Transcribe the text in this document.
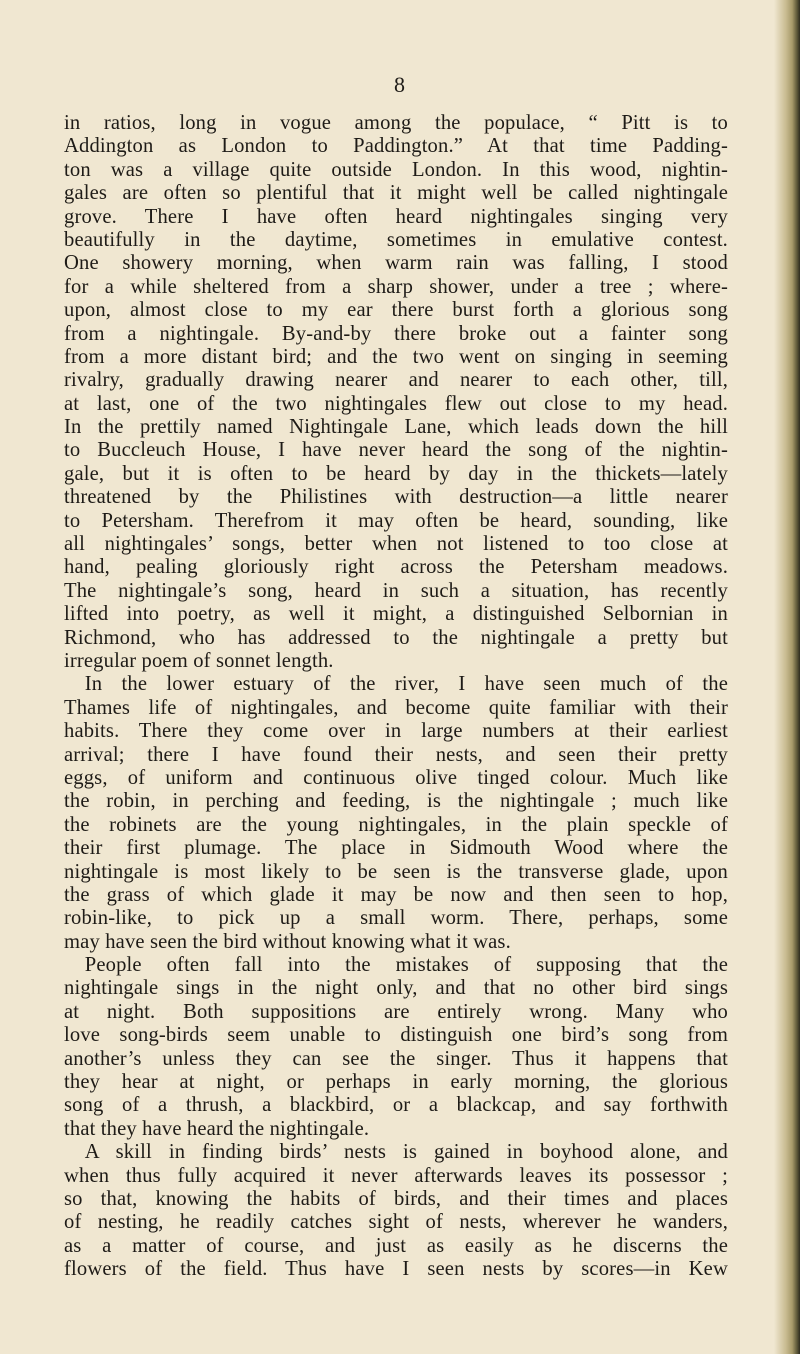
8
in ratios, long in vogue among the populace, “ Pitt is to
Addington as London to Paddington.” At that time Padding-
ton was a village quite outside London. In this wood, nightin-
gales are often so plentiful that it might well be called nightingale
grove. There I have often heard nightingales singing very
beautifully in the daytime, sometimes in emulative contest.
One showery morning, when warm rain was falling, I stood
for a while sheltered from a sharp shower, under a tree ; where-
upon, almost close to my ear there burst forth a glorious song
from a nightingale. By-and-by there broke out a fainter song
from a more distant bird; and the two went on singing in seeming
rivalry, gradually drawing nearer and nearer to each other, till,
at last, one of the two nightingales flew out close to my head.
In the prettily named Nightingale Lane, which leads down the hill
to Buccleuch House, I have never heard the song of the nightin-
gale, but it is often to be heard by day in the thickets—lately
threatened by the Philistines with destruction—a little nearer
to Petersham. Therefrom it may often be heard, sounding, like
all nightingales’ songs, better when not listened to too close at
hand, pealing gloriously right across the Petersham meadows.
The nightingale’s song, heard in such a situation, has recently
lifted into poetry, as well it might, a distinguished Selbornian in
Richmond, who has addressed to the nightingale a pretty but
irregular poem of sonnet length.
 In the lower estuary of the river, I have seen much of the
Thames life of nightingales, and become quite familiar with their
habits. There they come over in large numbers at their earliest
arrival; there I have found their nests, and seen their pretty
eggs, of uniform and continuous olive tinged colour. Much like
the robin, in perching and feeding, is the nightingale ; much like
the robinets are the young nightingales, in the plain speckle of
their first plumage. The place in Sidmouth Wood where the
nightingale is most likely to be seen is the transverse glade, upon
the grass of which glade it may be now and then seen to hop,
robin-like, to pick up a small worm. There, perhaps, some
may have seen the bird without knowing what it was.
 People often fall into the mistakes of supposing that the
nightingale sings in the night only, and that no other bird sings
at night. Both suppositions are entirely wrong. Many who
love song-birds seem unable to distinguish one bird’s song from
another’s unless they can see the singer. Thus it happens that
they hear at night, or perhaps in early morning, the glorious
song of a thrush, a blackbird, or a blackcap, and say forthwith
that they have heard the nightingale.
 A skill in finding birds’ nests is gained in boyhood alone, and
when thus fully acquired it never afterwards leaves its possessor ;
so that, knowing the habits of birds, and their times and places
of nesting, he readily catches sight of nests, wherever he wanders,
as a matter of course, and just as easily as he discerns the
flowers of the field. Thus have I seen nests by scores—in Kew
